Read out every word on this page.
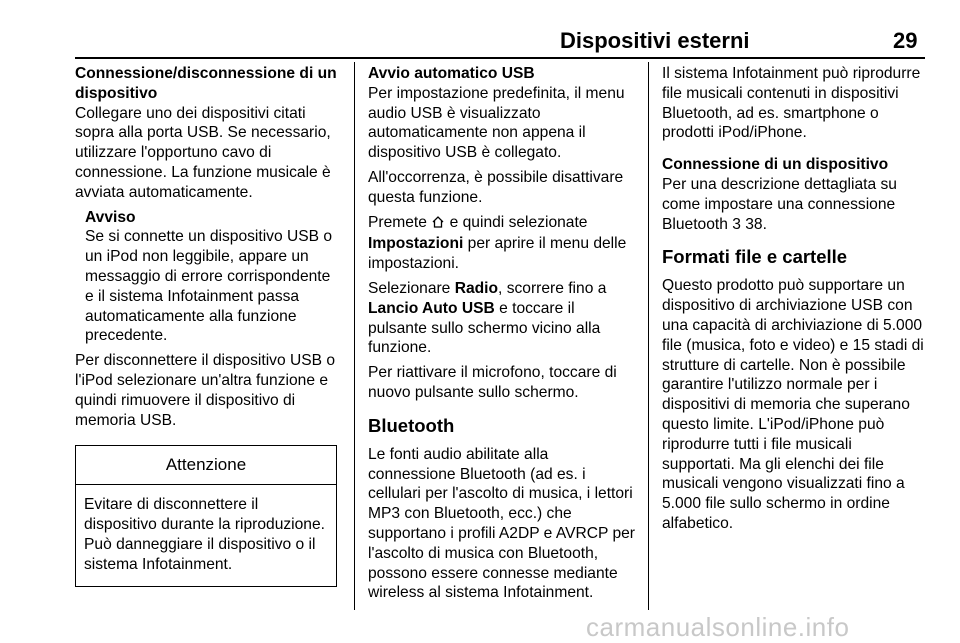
Dispositivi esterni	29

Connessione/disconnessione di un dispositivo

Collegare uno dei dispositivi citati sopra alla porta USB. Se necessario, utilizzare l'opportuno cavo di connessione. La funzione musicale è avviata automaticamente.

Avviso

Se si connette un dispositivo USB o un iPod non leggibile, appare un messaggio di errore corrispondente e il sistema Infotainment passa automaticamente alla funzione precedente.

Per disconnettere il dispositivo USB o l'iPod selezionare un'altra funzione e quindi rimuovere il dispositivo di memoria USB.

Attenzione
Evitare di disconnettere il dispositivo durante la riproduzione. Può danneggiare il dispositivo o il sistema Infotainment.

Avvio automatico USB

Per impostazione predefinita, il menu audio USB è visualizzato automaticamente non appena il dispositivo USB è collegato.

All'occorrenza, è possibile disattivare questa funzione.

Premete e quindi selezionate Impostazioni per aprire il menu delle impostazioni.

Selezionare Radio, scorrere fino a Lancio Auto USB e toccare il pulsante sullo schermo vicino alla funzione.

Per riattivare il microfono, toccare di nuovo pulsante sullo schermo.

Bluetooth

Le fonti audio abilitate alla connessione Bluetooth (ad es. i cellulari per l'ascolto di musica, i lettori MP3 con Bluetooth, ecc.) che supportano i profili A2DP e AVRCP per l'ascolto di musica con Bluetooth, possono essere connesse mediante wireless al sistema Infotainment.

Il sistema Infotainment può riprodurre file musicali contenuti in dispositivi Bluetooth, ad es. smartphone o prodotti iPod/iPhone.

Connessione di un dispositivo

Per una descrizione dettagliata su come impostare una connessione Bluetooth 3 38.

Formati file e cartelle

Questo prodotto può supportare un dispositivo di archiviazione USB con una capacità di archiviazione di 5.000 file (musica, foto e video) e 15 stadi di strutture di cartelle. Non è possibile garantire l'utilizzo normale per i dispositivi di memoria che superano questo limite. L'iPod/iPhone può riprodurre tutti i file musicali supportati. Ma gli elenchi dei file musicali vengono visualizzati fino a 5.000 file sullo schermo in ordine alfabetico.

carmanualsonline.info
